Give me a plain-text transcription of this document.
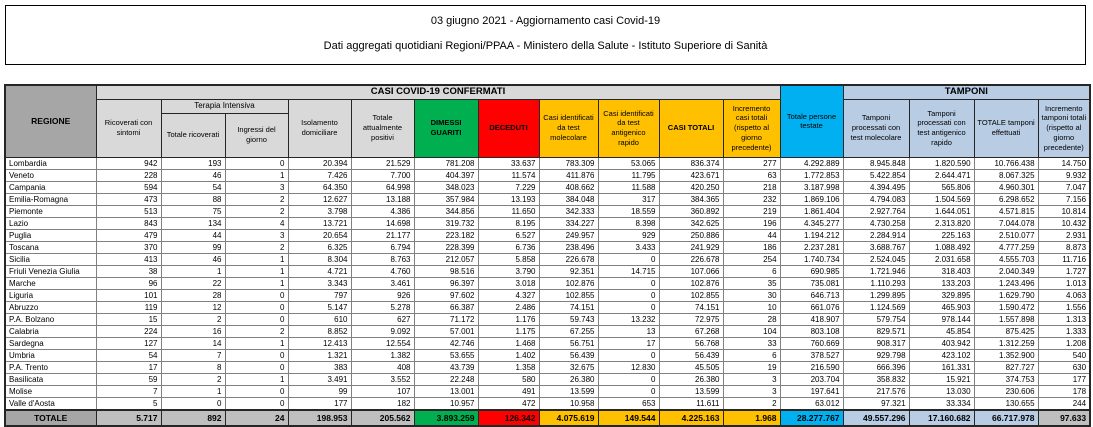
03 giugno 2021 - Aggiornamento casi Covid-19
Dati aggregati quotidiani Regioni/PPAA - Ministero della Salute - Istituto Superiore di Sanità
REGIONE	CASI COVID-19 CONFERMATI											Totale persone testate	TAMPONI			
	Ricoverati con sintomi	Terapia Intensiva		Isolamento domiciliare	Totale attualmente positivi	DIMESSI GUARITI	DECEDUTI	Casi identificati da test molecolare	Casi identificati da test antigenico rapido	CASI TOTALI	Incremento casi totali (rispetto al giorno precedente)		Tamponi processati con test molecolare	Tamponi processati con test antigenico rapido	TOTALE tamponi effettuati	Incremento tamponi totali (rispetto al giorno precedente)
		Totale ricoverati	Ingressi del giorno													
Lombardia	942	193	0	20.394	21.529	781.208	33.637	783.309	53.065	836.374	277	4.292.889	8.945.848	1.820.590	10.766.438	14.750
Veneto	228	46	1	7.426	7.700	404.397	11.574	411.876	11.795	423.671	63	1.772.853	5.422.854	2.644.471	8.067.325	9.932
Campania	594	54	3	64.350	64.998	348.023	7.229	408.662	11.588	420.250	218	3.187.998	4.394.495	565.806	4.960.301	7.047
Emilia-Romagna	473	88	2	12.627	13.188	357.984	13.193	384.048	317	384.365	232	1.869.106	4.794.083	1.504.569	6.298.652	7.156
Piemonte	513	75	2	3.798	4.386	344.856	11.650	342.333	18.559	360.892	219	1.861.404	2.927.764	1.644.051	4.571.815	10.814
Lazio	843	134	4	13.721	14.698	319.732	8.195	334.227	8.398	342.625	196	4.345.277	4.730.258	2.313.820	7.044.078	10.432
Puglia	479	44	3	20.654	21.177	223.182	6.527	249.957	929	250.886	44	1.194.212	2.284.914	225.163	2.510.077	2.931
Toscana	370	99	2	6.325	6.794	228.399	6.736	238.496	3.433	241.929	186	2.237.281	3.688.767	1.088.492	4.777.259	8.873
Sicilia	413	46	1	8.304	8.763	212.057	5.858	226.678	0	226.678	254	1.740.734	2.524.045	2.031.658	4.555.703	11.716
Friuli Venezia Giulia	38	1	1	4.721	4.760	98.516	3.790	92.351	14.715	107.066	6	690.985	1.721.946	318.403	2.040.349	1.727
Marche	96	22	1	3.343	3.461	96.397	3.018	102.876	0	102.876	35	735.081	1.110.293	133.203	1.243.496	1.013
Liguria	101	28	0	797	926	97.602	4.327	102.855	0	102.855	30	646.713	1.299.895	329.895	1.629.790	4.063
Abruzzo	119	12	0	5.147	5.278	66.387	2.486	74.151	0	74.151	10	661.076	1.124.569	465.903	1.590.472	1.556
P.A. Bolzano	15	2	0	610	627	71.172	1.176	59.743	13.232	72.975	28	418.907	579.754	978.144	1.557.898	1.313
Calabria	224	16	2	8.852	9.092	57.001	1.175	67.255	13	67.268	104	803.108	829.571	45.854	875.425	1.333
Sardegna	127	14	1	12.413	12.554	42.746	1.468	56.751	17	56.768	33	760.669	908.317	403.942	1.312.259	1.208
Umbria	54	7	0	1.321	1.382	53.655	1.402	56.439	0	56.439	6	378.527	929.798	423.102	1.352.900	540
P.A. Trento	17	8	0	383	408	43.739	1.358	32.675	12.830	45.505	19	216.590	666.396	161.331	827.727	630
Basilicata	59	2	1	3.491	3.552	22.248	580	26.380	0	26.380	3	203.704	358.832	15.921	374.753	177
Molise	7	1	0	99	107	13.001	491	13.599	0	13.599	3	197.641	217.576	13.030	230.606	178
Valle d'Aosta	5	0	0	177	182	10.957	472	10.958	653	11.611	2	63.012	97.321	33.334	130.655	244
TOTALE	5.717	892	24	198.953	205.562	3.893.259	126.342	4.075.619	149.544	4.225.163	1.968	28.277.767	49.557.296	17.160.682	66.717.978	97.633
